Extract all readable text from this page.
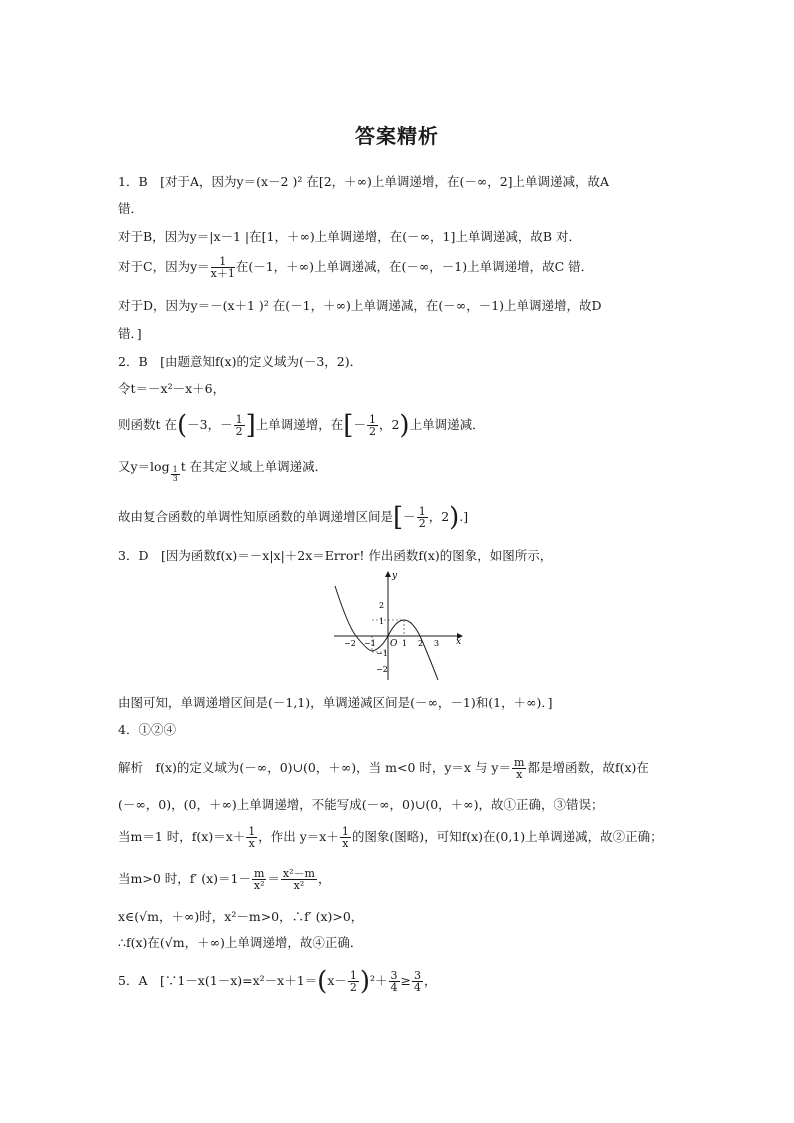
答案精析
1．B　[对于A，因为y＝(x－2 )² 在[2，＋∞)上单调递增，在(－∞，2]上单调递减，故A
错．
对于B，因为y＝|x－1 |在[1，＋∞)上单调递增，在(－∞，1]上单调递减，故B 对．
对于C，因为$y= \frac{1}{x+1}$ 在(－1，＋∞)上单调递减，在(－∞，－1)上单调递增，故C 错．
对于D，因为y＝－(x＋1 )² 在(－1，＋∞)上单调递减，在(－∞，－1)上单调递增，故D
错．]
2．B　[由题意知f(x)的定义域为(－3，2)．
令t＝－x²－x＋6，
则函数t 在(－3，－ $\frac{1}{2}$ ]上单调递增，在[－ $\frac{1}{2}$ ，2)上单调递减．
又$y=\log \frac{1}{3}$ t 在其定义域上单调递减．
故由复合函数的单调性知原函数的单调递增区间是[－ $\frac{1}{2}$ ，2).]
3．D　[因为函数f(x)＝－x|x|＋2x＝Error! 作出函数f(x)的图象，如图所示，
y
x
O
−2 −1	1 2 3
2
1
−1
−2
由图可知，单调递增区间是(－1,1)，单调递减区间是(－∞，－1)和(1，＋∞)．]
4．①②④
解析　f(x)的定义域为(－∞，0)∪(0，＋∞)，当 m<0 时，y＝x 与 $y= \frac{m}{x}$ 都是增函数，故f(x)在
(－∞，0)，(0，＋∞)上单调递增，不能写成(－∞，0)∪(0，＋∞)，故①正确，③错误；
当m＝1 时，$f(x)=x+ \frac{1}{x}$ ，作出 $y=x+ \frac{1}{x}$ 的图象(图略)，可知f(x)在(0,1)上单调递减，故②正确；
当m>0 时，f′ $(x)=1- \frac{m}{\text{x²}} = \frac{\text{x²－m}}{\text{x²}}$ ，
x∈(√m，＋∞)时，x²－m>0，∴f′ (x)>0，
∴f(x)在(√m，＋∞)上单调递增，故④正确．
5．A　[∵1－x(1－x)=x²－x＋1＝(x－ $\frac{1}{2} )^2+ \frac{3}{4} \ge \frac{3}{4}$ ，
